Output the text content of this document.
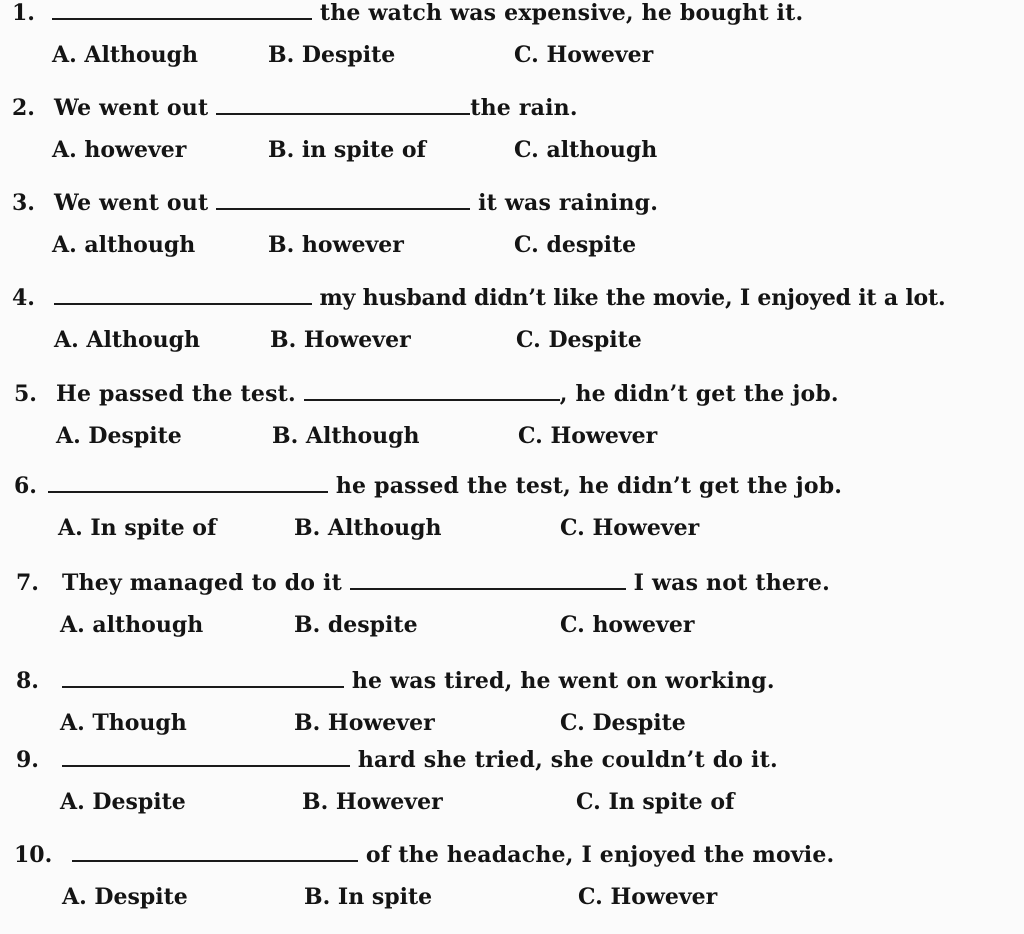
1.	the watch was expensive, he bought it.
A. Although	B. Despite	C. However
2. We went out	the rain.
A. however	B. in spite of	C. although
3. We went out	it was raining.
A. although	B. however	C. despite
4.	my husband didn’t like the movie, I enjoyed it a lot.
A. Although	B. However	C. Despite
5. He passed the test.	, he didn’t get the job.
A. Despite	B. Although	C. However
6.	he passed the test, he didn’t get the job.
A. In spite of	B. Although	C. However
7. They managed to do it	I was not there.
A. although	B. despite	C. however
8.	he was tired, he went on working.
A. Though	B. However	C. Despite
9.	hard she tried, she couldn’t do it.
A. Despite	B. However	C. In spite of
10.	of the headache, I enjoyed the movie.
A. Despite	B. In spite	C. However
